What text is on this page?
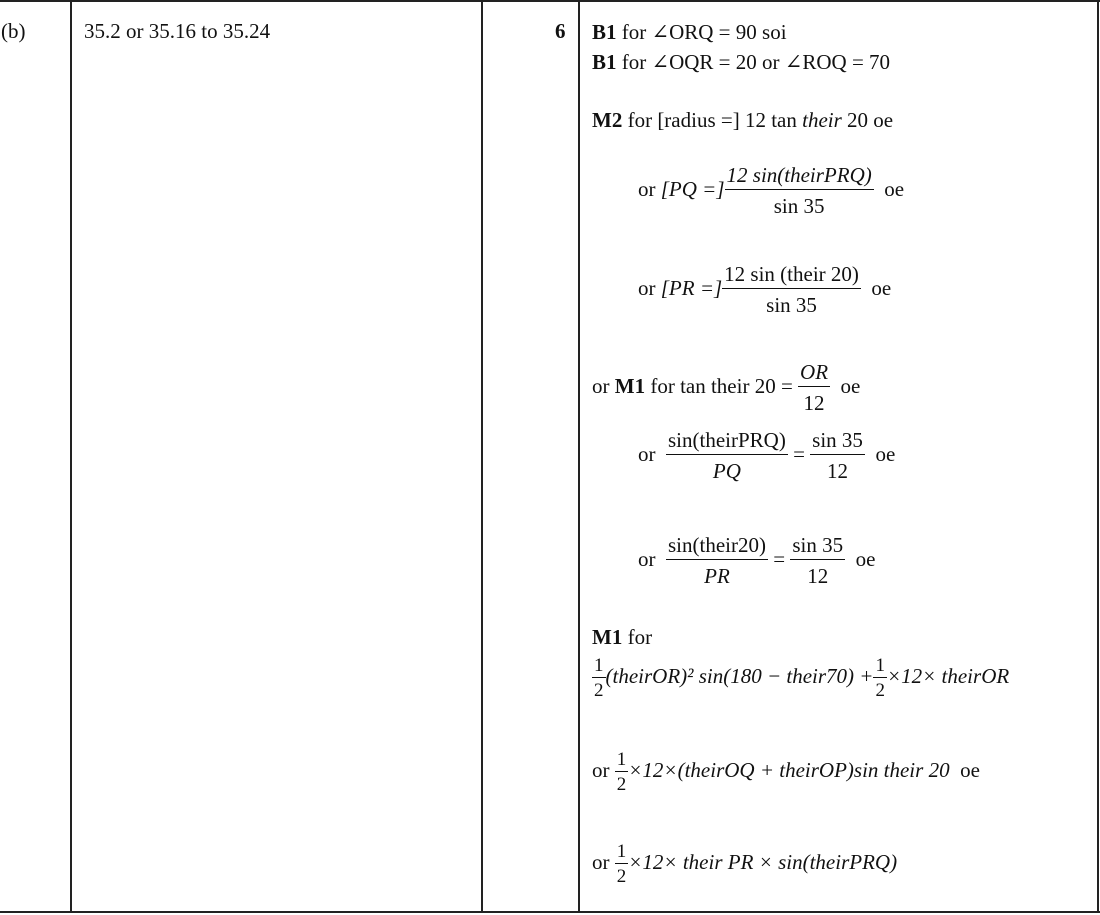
(b)	35.2 or 35.16 to 35.24	6 B1 for ∠ORQ = 90 soi
B1 for ∠OQR = 20 or ∠ROQ = 70
M2 for [radius =] 12 tan their 20 oe
or [PQ =] $\frac{\text{12 sin(theirPRQ)}}{\sin 35}$ oe
or [PR =] $\frac{\text{12 sin (their 20)}}{\sin 35}$ oe
or M1 for tan their $20 = \frac{OR}{12}$ oe
or $\frac{\text{sin(theirPRQ)}}{PQ} = \frac{\sin 35}{12}$ oe
or $\frac{\text{sin(their20)}}{PR} = \frac{\sin 35}{12}$ oe
M1 for
$\frac{1}{2}$ (theirOR)² sin(180 − their70) + $\frac{1}{2} \times 12\times$ theirOR
or $\frac{1}{2}$ ×12×(theirOQ + theirOP)sin their 20 oe
or $\frac{1}{2} \times 12\times$ their PR × sin(theirPRQ)
